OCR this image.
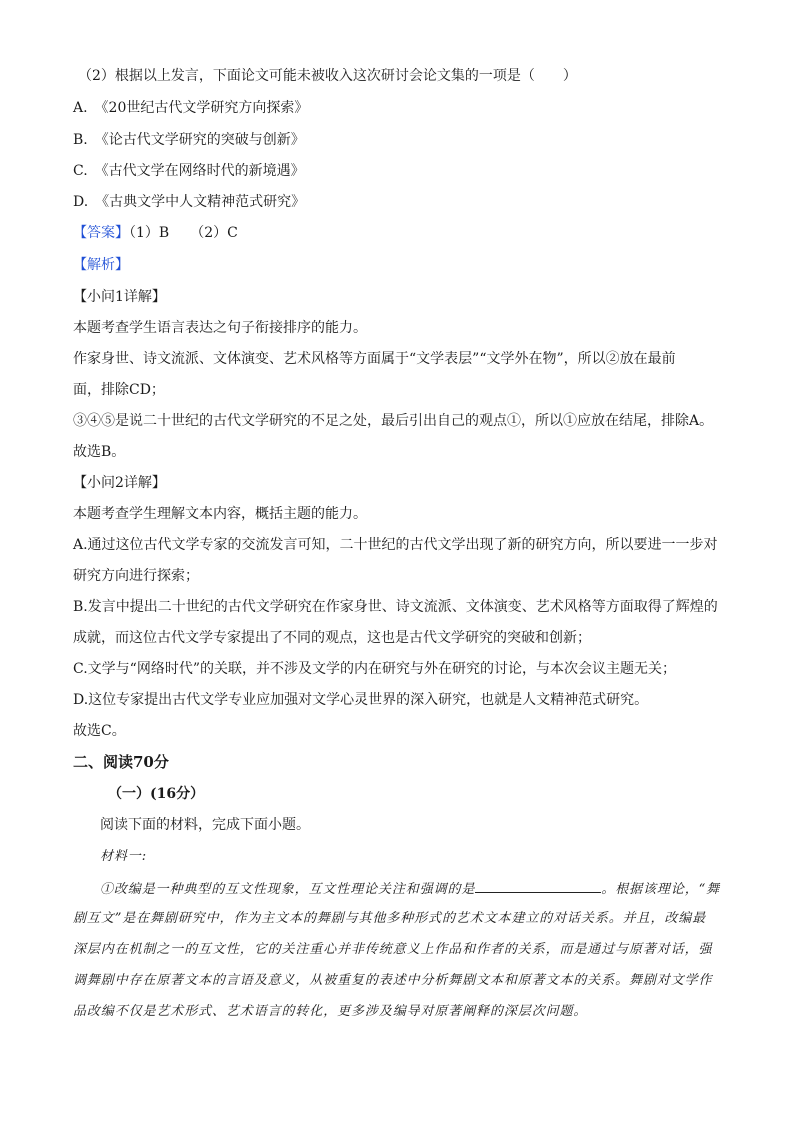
（2）根据以上发言，下面论文可能未被收入这次研讨会论文集的一项是（　　）
A.　《20世纪古代文学研究方向探索》
B.　《论古代文学研究的突破与创新》
C.　《古代文学在网络时代的新境遇》
D.　《古典文学中人文精神范式研究》
【答案】（1）B　　（2）C
【解析】
【小问1详解】
本题考查学生语言表达之句子衔接排序的能力。
作家身世、诗文流派、文体演变、艺术风格等方面属于“文学表层”“文学外在物”，所以②放在最前
面，排除CD；
③④⑤是说二十世纪的古代文学研究的不足之处，最后引出自己的观点①，所以①应放在结尾，排除A。
故选B。
【小问2详解】
本题考查学生理解文本内容，概括主题的能力。
A.通过这位古代文学专家的交流发言可知，二十世纪的古代文学出现了新的研究方向，所以要进一一步对
研究方向进行探索；
B.发言中提出二十世纪的古代文学研究在作家身世、诗文流派、文体演变、艺术风格等方面取得了辉煌的
成就，而这位古代文学专家提出了不同的观点，这也是古代文学研究的突破和创新；
C.文学与“网络时代”的关联，并不涉及文学的内在研究与外在研究的讨论，与本次会议主题无关；
D.这位专家提出古代文学专业应加强对文学心灵世界的深入研究，也就是人文精神范式研究。
故选C。
二、阅读70分
（一）(16分）
阅读下面的材料，完成下面小题。
材料一:
①改编是一种典型的互文性现象，互文性理论关注和强调的是	。根据该理论，“舞
剧互文”是在舞剧研究中，作为主文本的舞剧与其他多种形式的艺术文本建立的对话关系。并且，改编最
深层内在机制之一的互文性，它的关注重心并非传统意义上作品和作者的关系，而是通过与原著对话，强
调舞剧中存在原著文本的言语及意义，从被重复的表述中分析舞剧文本和原著文本的关系。舞剧对文学作
品改编不仅是艺术形式、艺术语言的转化，更多涉及编导对原著阐释的深层次问题。
